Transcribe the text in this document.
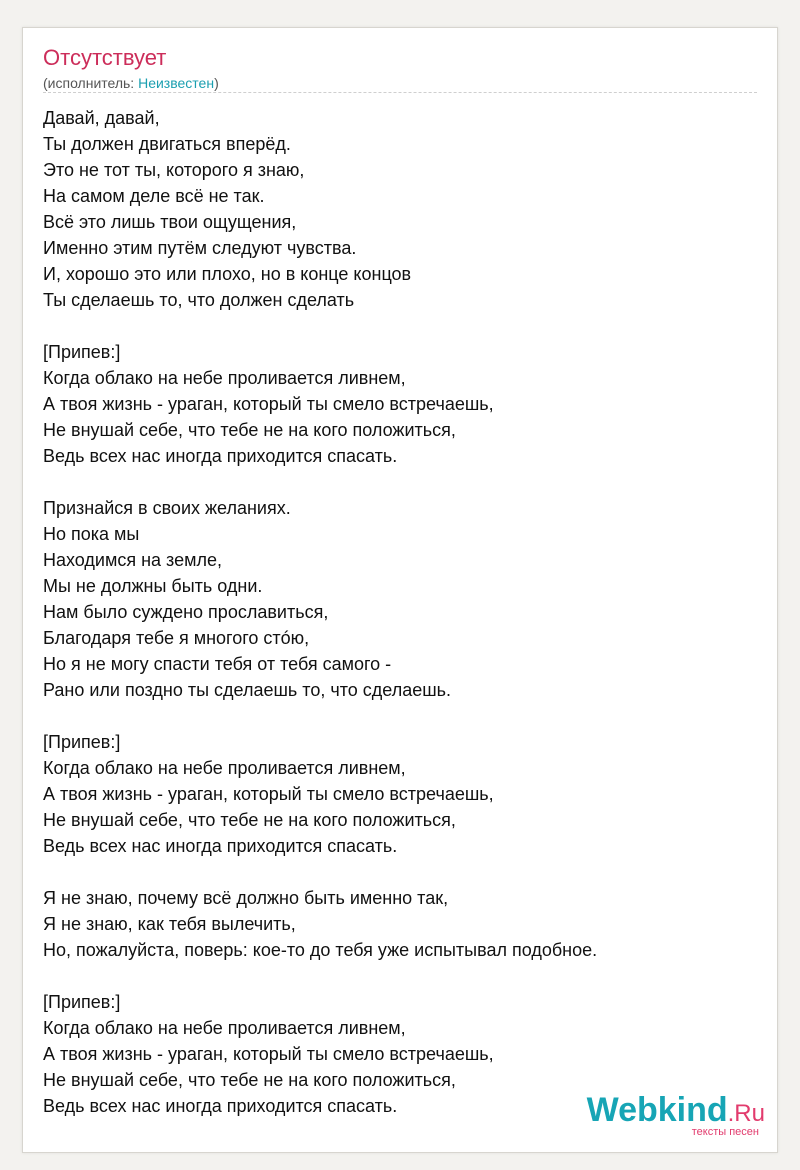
Отсутствует
(исполнитель: Неизвестен)
Давай, давай,
Ты должен двигаться вперёд.
Это не тот ты, которого я знаю,
На самом деле всё не так.
Всё это лишь твои ощущения,
Именно этим путём следуют чувства.
И, хорошо это или плохо, но в конце концов
Ты сделаешь то, что должен сделать
[Припев:]
Когда облако на небе проливается ливнем,
А твоя жизнь - ураган, который ты смело встречаешь,
Не внушай себе, что тебе не на кого положиться,
Ведь всех нас иногда приходится спасать.
Признайся в своих желаниях.
Но пока мы
Находимся на земле,
Мы не должны быть одни.
Нам было суждено прославиться,
Благодаря тебе я многого стóю,
Но я не могу спасти тебя от тебя самого -
Рано или поздно ты сделаешь то, что сделаешь.
[Припев:]
Когда облако на небе проливается ливнем,
А твоя жизнь - ураган, который ты смело встречаешь,
Не внушай себе, что тебе не на кого положиться,
Ведь всех нас иногда приходится спасать.
Я не знаю, почему всё должно быть именно так,
Я не знаю, как тебя вылечить,
Но, пожалуйста, поверь: кое-то до тебя уже испытывал подобное.
[Припев:]
Когда облако на небе проливается ливнем,
А твоя жизнь - ураган, который ты смело встречаешь,
Не внушай себе, что тебе не на кого положиться,
Ведь всех нас иногда приходится спасать.	Webkind.Ru
тексты песен
